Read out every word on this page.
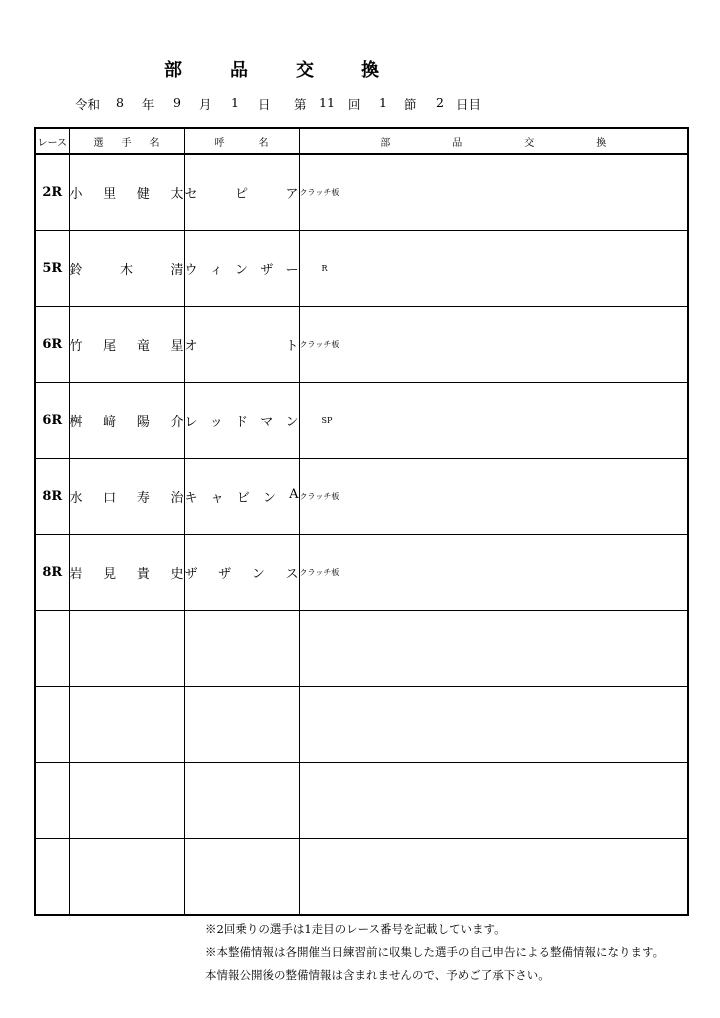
部	品	交	換
令和 8 年 9 月 1 日 第 11 回 1 節 2 日目
レース	選 手 名	呼 名	部 品 交 換

2R	小 里 健 太	セ ピ ア	クラッチ板
5R	鈴 木 清	ウ ィ ン ザ ー	R
6R	竹 尾 竜 星	オ ト	クラッチ板
6R	桝 﨑 陽 介	レ ッ ド マ ン	SP
8R	水 口 寿 治	キ ャ ビ ン A	クラッチ板
8R	岩 見 貴 史	ザ ザ ン ス	クラッチ板

※2回乗りの選手は1走目のレース番号を記載しています。
※本整備情報は各開催当日練習前に収集した選手の自己申告による整備情報になります。
本情報公開後の整備情報は含まれませんので、予めご了承下さい。
